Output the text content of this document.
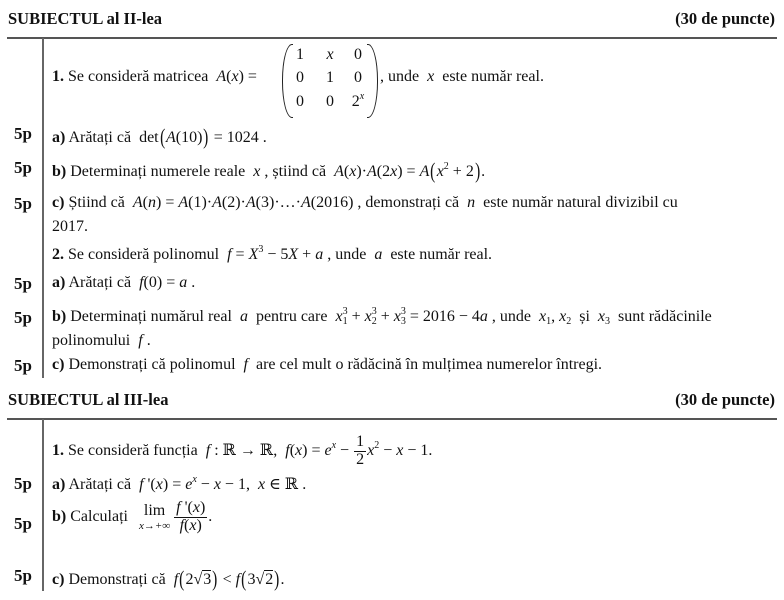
SUBIECTUL al II-lea	(30 de puncte)
1. Se consideră matricea  A(x) =
1	x	0
0	1	0
0	0	2$^x$
, unde  x  este număr real.
5p a) Arătați că  det(A(10)) = 1024 .
5p b) Determinați numerele reale  x , știind că  $A(x)\cdot A(2x) = A(x^2 + 2)$.
5p c) Știind că  A(n) = A(1)·A(2)·A(3)·…·A(2016) , demonstrați că  n  este număr natural divizibil cu
2017.
2. Se consideră polinomul  $f = X^3 - 5X + a$ , unde  a  este număr real.
5p a) Arătați că  f(0) = a .
5p b) Determinați numărul real  a  pentru care  $x_1^3 + x_2^3 + x_3^3 = 2016 - 4a$ , unde  $x_1$, $x_2$  și  $x_3$  sunt rădăcinile
polinomului  f .
5p c) Demonstrați că polinomul  f  are cel mult o rădăcină în mulțimea numerelor întregi.
SUBIECTUL al III-lea	(30 de puncte)
1. Se consideră funcția  f : ℝ → ℝ,  $f(x) = e^x - \frac{1}{2} x^2 - x - 1$.
5p a) Arătați că  f '$(x) = e^x - x - 1$,  x ∈ ℝ .
5p b) Calculați lim
$x\to+\infty \frac{f '(x)}{f(x)}$ .
5p c) Demonstrați că  f(2√3) < f(3√2).
